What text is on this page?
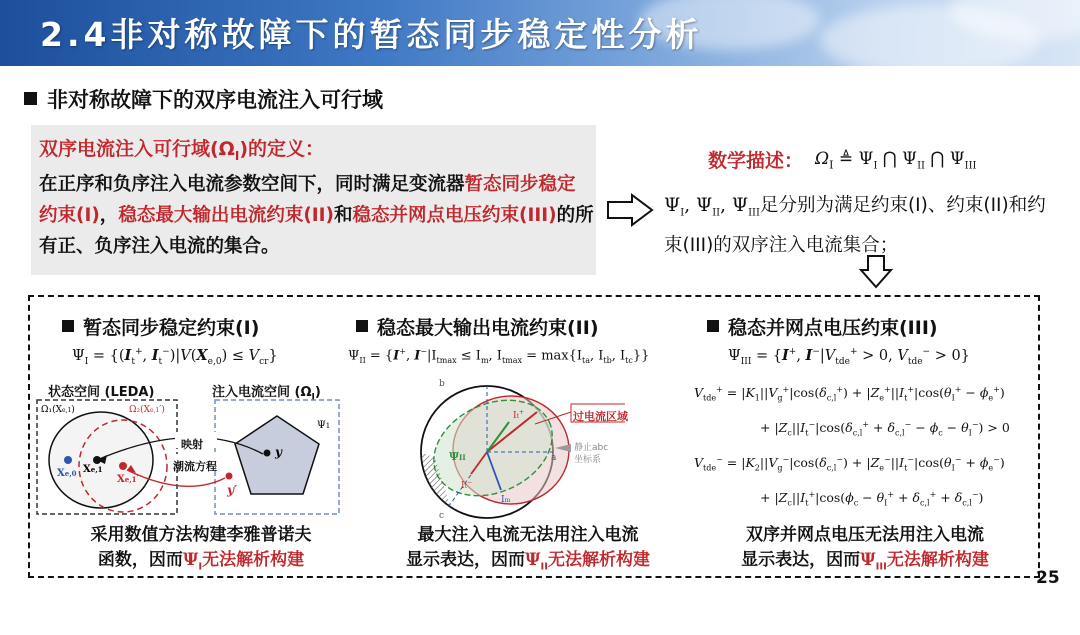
2.4非对称故障下的暂态同步稳定性分析
非对称故障下的双序电流注入可行域
双序电流注入可行域$(\Omega_I)$的定义：
在正序和负序注入电流参数空间下，同时满足变流器暂态同步稳定约束(I)，稳态最大输出电流约束(II)和稳态并网点电压约束(III)的所有正、负序注入电流的集合。
数学描述： $\Omega_I$ ≜ $\Psi_I$ ⋂ $\Psi_{II}$ ⋂ $\Psi_{III}$
$\Psi_I$, $\Psi_{II}$, $\Psi_{III}$足分别为满足约束(I)、约束(II)和约束(III)的双序注入电流集合；
暂态同步稳定约束(I)	稳态最大输出电流约束(II)	稳态并网点电压约束(III)
$\Psi_I = \{(I_t^+$, $I_t^-)|V(X_{e,0}) \le V_{cr}$}	$\Psi_{II} = \{I^+$, $I^-|I_{tmax} \le I_m$, $I_{tmax} = \max\{I_{ta}$, $I_{tb}$, $I_{tc}$}}	$\Psi_{III} = \{I^+$, $I^-|V_{tde}^+ > 0$, $V_{tde}^- > 0$}
$V_{tde}^+ = |K_1||V_g^+|\cos(\delta_{c,l}^+) + |Z_e^+||I_t^+|\cos(\theta_I^+ - \phi_e^+)$
+ $|Z_c||I_t^-|\cos(\delta_{c,l}^+ + \delta_{c,l}^- - \phi_c - \theta_I^-) > 0$
$V_{tde}^- = |K_2||V_g^-|\cos(\delta_{c,l}^-) + |Z_e^-||I_t^-|\cos(\theta_I^- + \phi_e^-)$
+ $|Z_c||I_t^+|\cos(\phi_c - \theta_I^+ + \delta_{c,l}^+ + \delta_{c,l}^-)$
状态空间 (LEDA)	注入电流空间 $(\Omega_I)$
Ω₁(Xe,1)	Ω₂(Xe,1′)
Xe,0 Xe,1
Xe,1′
Ψ1
y
y′
映射
潮流方程
ΨII
It+
It−
Im
b
a
c
过电流区域
静止abc
坐标系
采用数值方法构建李雅普诺夫
函数，因而$\Psi_I$无法解析构建
最大注入电流无法用注入电流
显示表达，因而$\Psi_{II}$无法解析构建
双序并网点电压无法用注入电流
显示表达，因而$\Psi_{III}$无法解析构建
25
